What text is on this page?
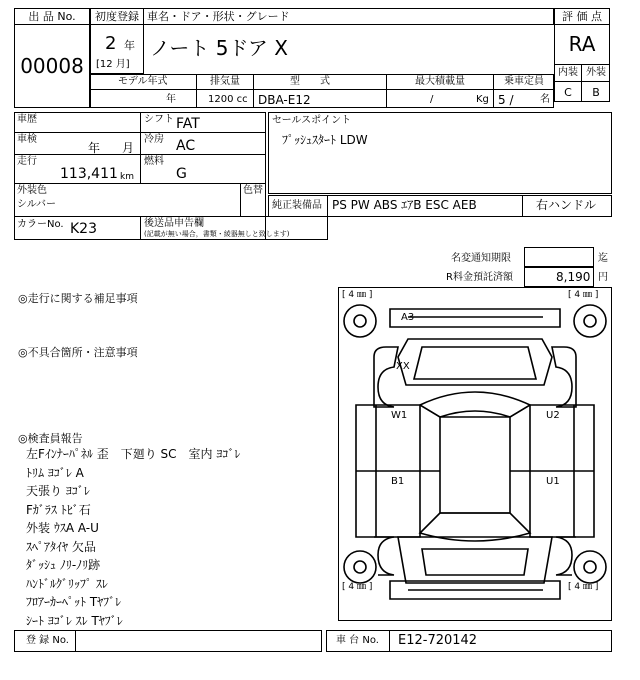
出 品 No.
00008
初度登録 車名・ドア・形状・グレード
2 年
[12 月]
ノート 5ドア X
評 価 点
RA
内装 外装
C	B
モデル年式
年
排気量
1200 cc
型　　式
DBA-E12
最大積載量
/	Kg
乗車定員
5 /	名
車歴	シフト FAT
車検
年 月
冷房 AC
走行
113,411 km
燃料
G
外装色
シルバー
色替
カラーNo. K23	後送品申告欄
(記載が無い場合，書類・綾器無しと致します)
セールスポイント
ﾌﾟｯｼｭｽﾀｰﾄ LDW
純正装備品 PS PW ABS ｴｱB ESC AEB	右ハンドル
名変通知期限	迄
R料金預託済額	8,190 円
◎走行に関する補足事項
◎不具合箇所・注意事項
◎検査員報告
左Fｲﾝﾅｰﾊﾟﾈﾙ 歪　下廻り SC　室内 ﾖｺﾞﾚ
ﾄﾘﾑ ﾖｺﾞﾚ A
天張り ﾖｺﾞﾚ
Fｶﾞﾗｽ ﾄﾋﾞ石
外装 ｳｽA A-U
ｽﾍﾟｱﾀｲﾔ 欠品
ﾀﾞｯｼｭ ﾉﾘ-ﾉﾘ跡
ﾊﾝﾄﾞﾙｸﾞﾘｯﾌﾟ ｽﾚ
ﾌﾛｱｰｶｰﾍﾟｯﾄ Tﾔﾌﾞﾚ
ｼｰﾄ ﾖｺﾞﾚ ｽﾚ Tﾔﾌﾞﾚ
[ 4 ㎜ ]	[ 4 ㎜ ]
[ 4 ㎜ ]	[ 4 ㎜ ]
A3
XX
W1	U2
B1	U1
登 録 No.	車 台 No. E12-720142
